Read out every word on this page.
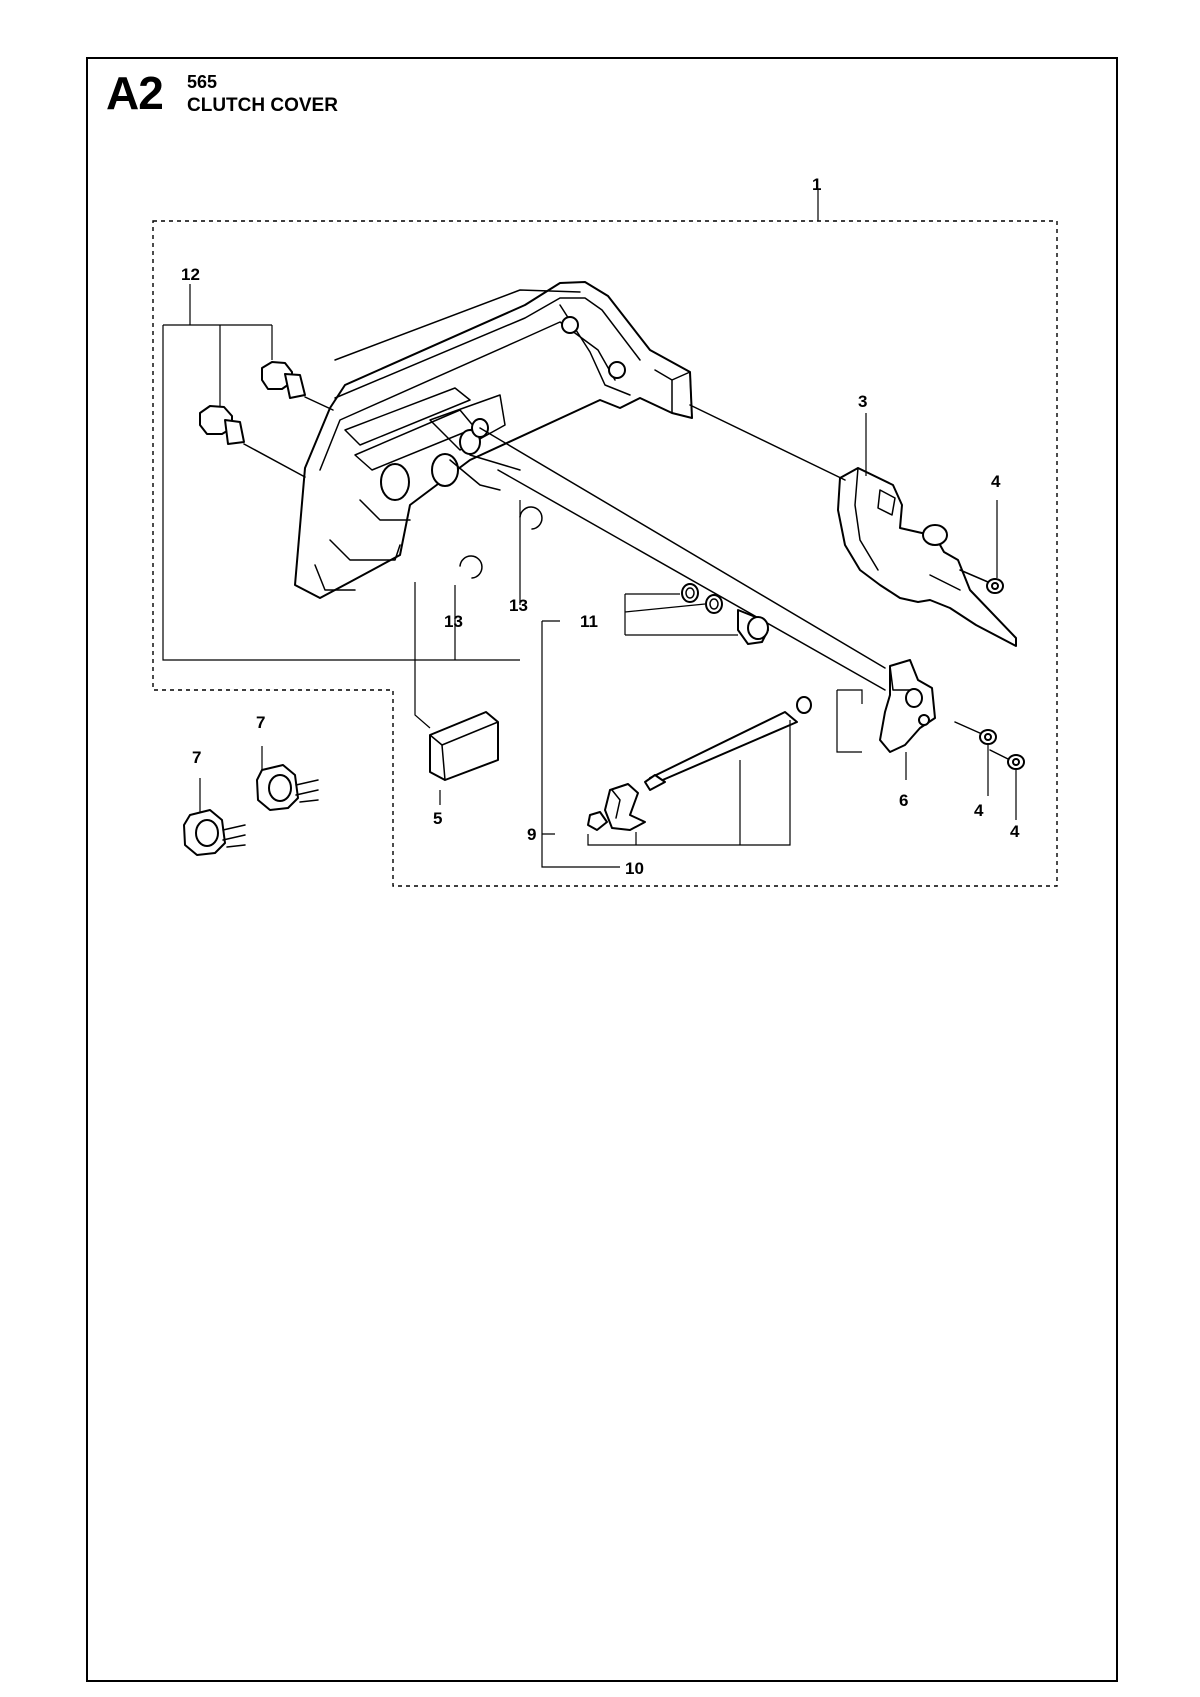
A2 565
CLUTCH COVER
1
12
3
4
13
13	11
7
7
5
6
4
4
9
10
